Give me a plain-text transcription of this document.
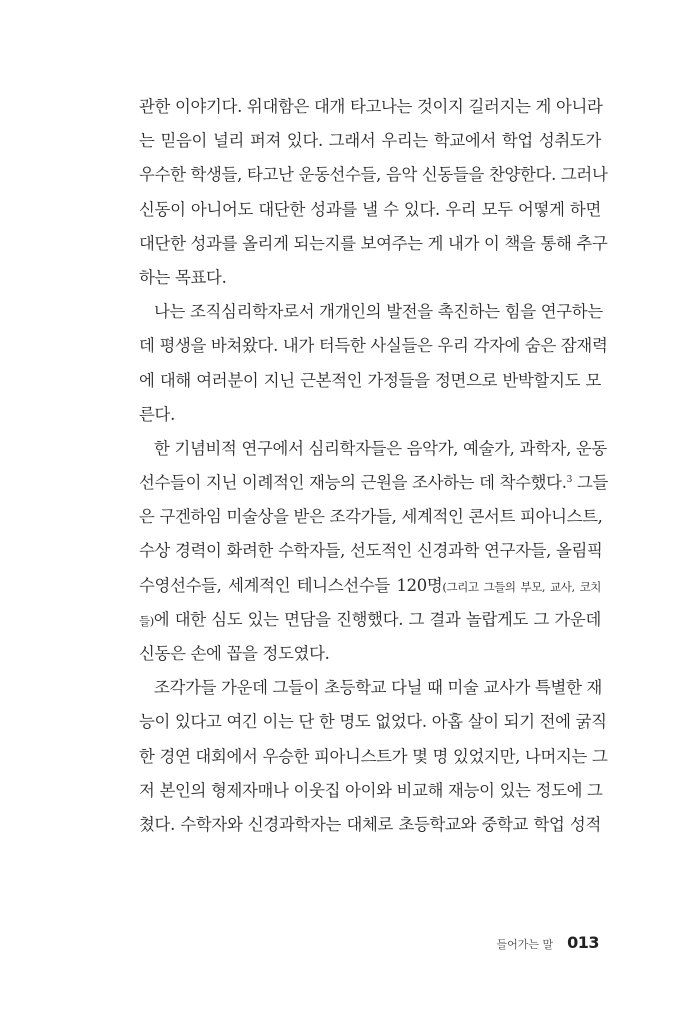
관한 이야기다. 위대함은 대개 타고나는 것이지 길러지는 게 아니라
는 믿음이 널리 퍼져 있다. 그래서 우리는 학교에서 학업 성취도가
우수한 학생들, 타고난 운동선수들, 음악 신동들을 찬양한다. 그러나
신동이 아니어도 대단한 성과를 낼 수 있다. 우리 모두 어떻게 하면
대단한 성과를 올리게 되는지를 보여주는 게 내가 이 책을 통해 추구
하는 목표다.
나는 조직심리학자로서 개개인의 발전을 촉진하는 힘을 연구하는
데 평생을 바쳐왔다. 내가 터득한 사실들은 우리 각자에 숨은 잠재력
에 대해 여러분이 지닌 근본적인 가정들을 정면으로 반박할지도 모
른다.
한 기념비적 연구에서 심리학자들은 음악가, 예술가, 과학자, 운동
선수들이 지닌 이례적인 재능의 근원을 조사하는 데 착수했다.$^3$ 그들
은 구겐하임 미술상을 받은 조각가들, 세계적인 콘서트 피아니스트,
수상 경력이 화려한 수학자들, 선도적인 신경과학 연구자들, 올림픽
수영선수들, 세계적인 테니스선수들 120명(그리고 그들의 부모, 교사, 코치
들)에 대한 심도 있는 면담을 진행했다. 그 결과 놀랍게도 그 가운데
신동은 손에 꼽을 정도였다.
조각가들 가운데 그들이 초등학교 다닐 때 미술 교사가 특별한 재
능이 있다고 여긴 이는 단 한 명도 없었다. 아홉 살이 되기 전에 굵직
한 경연 대회에서 우승한 피아니스트가 몇 명 있었지만, 나머지는 그
저 본인의 형제자매나 이웃집 아이와 비교해 재능이 있는 정도에 그
쳤다. 수학자와 신경과학자는 대체로 초등학교와 중학교 학업 성적
들어가는 말 013
